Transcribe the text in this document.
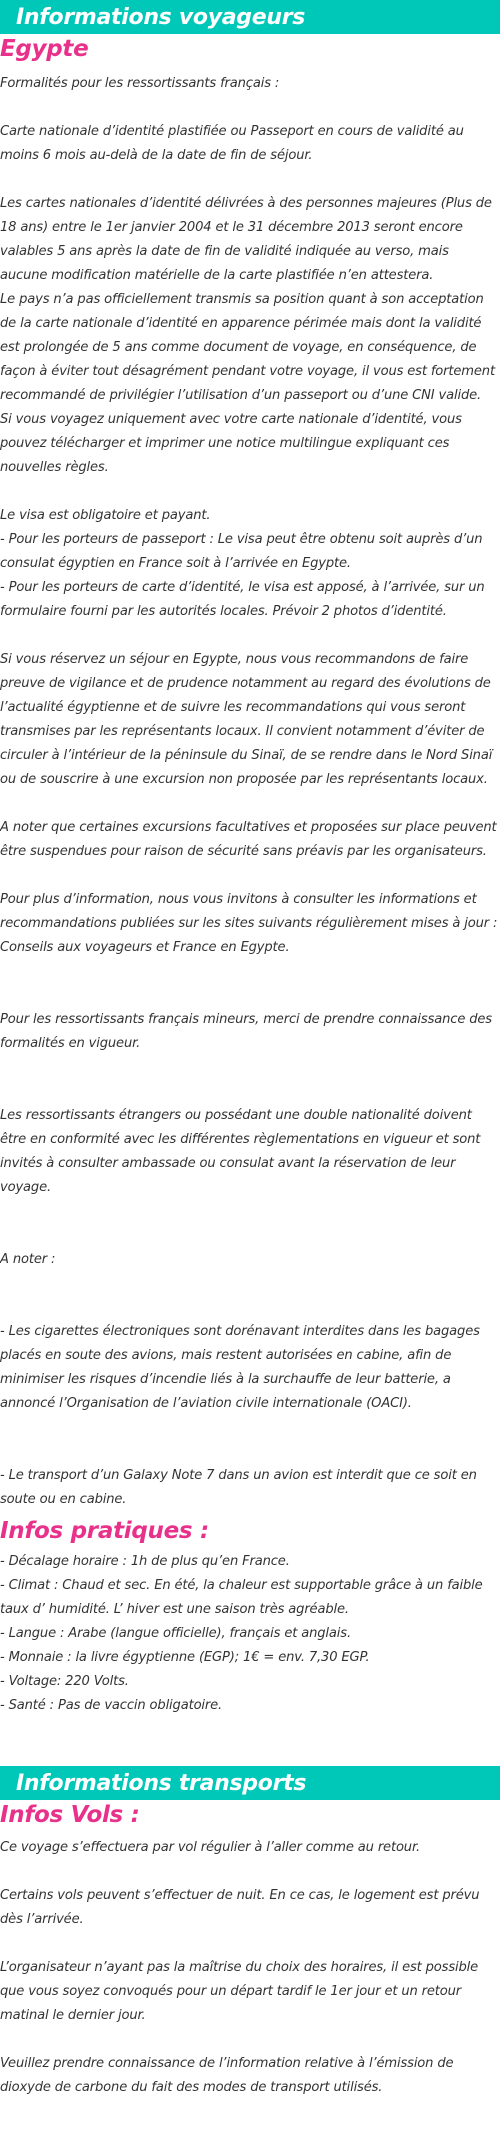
Informations voyageurs
Egypte

Formalités pour les ressortissants français :

Carte nationale d’identité plastifiée ou Passeport en cours de validité au moins 6 mois au-delà de la date de fin de séjour.

Les cartes nationales d’identité délivrées à des personnes majeures (Plus de 18 ans) entre le 1er janvier 2004 et le 31 décembre 2013 seront encore valables 5 ans après la date de fin de validité indiquée au verso, mais aucune modification matérielle de la carte plastifiée n’en attestera.
Le pays n’a pas officiellement transmis sa position quant à son acceptation de la carte nationale d’identité en apparence périmée mais dont la validité est prolongée de 5 ans comme document de voyage, en conséquence, de façon à éviter tout désagrément pendant votre voyage, il vous est fortement recommandé de privilégier l’utilisation d’un passeport ou d’une CNI valide.
Si vous voyagez uniquement avec votre carte nationale d’identité, vous pouvez télécharger et imprimer une notice multilingue expliquant ces nouvelles règles.

Le visa est obligatoire et payant.
- Pour les porteurs de passeport : Le visa peut être obtenu soit auprès d’un consulat égyptien en France soit à l’arrivée en Egypte.
- Pour les porteurs de carte d’identité, le visa est apposé, à l’arrivée, sur un formulaire fourni par les autorités locales. Prévoir 2 photos d’identité.

Si vous réservez un séjour en Egypte, nous vous recommandons de faire preuve de vigilance et de prudence notamment au regard des évolutions de l’actualité égyptienne et de suivre les recommandations qui vous seront transmises par les représentants locaux. Il convient notamment d’éviter de circuler à l’intérieur de la péninsule du Sinaï, de se rendre dans le Nord Sinaï ou de souscrire à une excursion non proposée par les représentants locaux.

A noter que certaines excursions facultatives et proposées sur place peuvent être suspendues pour raison de sécurité sans préavis par les organisateurs.

Pour plus d’information, nous vous invitons à consulter les informations et recommandations publiées sur les sites suivants régulièrement mises à jour : Conseils aux voyageurs et France en Egypte.

Pour les ressortissants français mineurs, merci de prendre connaissance des formalités en vigueur.

Les ressortissants étrangers ou possédant une double nationalité doivent être en conformité avec les différentes règlementations en vigueur et sont invités à consulter ambassade ou consulat avant la réservation de leur voyage.

A noter :

- Les cigarettes électroniques sont dorénavant interdites dans les bagages placés en soute des avions, mais restent autorisées en cabine, afin de minimiser les risques d’incendie liés à la surchauffe de leur batterie, a annoncé l’Organisation de l’aviation civile internationale (OACI).

- Le transport d’un Galaxy Note 7 dans un avion est interdit que ce soit en soute ou en cabine.

Infos pratiques :

- Décalage horaire : 1h de plus qu’en France.
- Climat : Chaud et sec. En été, la chaleur est supportable grâce à un faible taux d’ humidité. L’ hiver est une saison très agréable.
- Langue : Arabe (langue officielle), français et anglais.
- Monnaie : la livre égyptienne (EGP); 1€ = env. 7,30 EGP.
- Voltage: 220 Volts.
- Santé : Pas de vaccin obligatoire.

Informations transports
Infos Vols :

Ce voyage s’effectuera par vol régulier à l’aller comme au retour.

Certains vols peuvent s’effectuer de nuit. En ce cas, le logement est prévu dès l’arrivée.

L’organisateur n’ayant pas la maîtrise du choix des horaires, il est possible que vous soyez convoqués pour un départ tardif le 1er jour et un retour matinal le dernier jour.

Veuillez prendre connaissance de l’information relative à l’émission de dioxyde de carbone du fait des modes de transport utilisés.
